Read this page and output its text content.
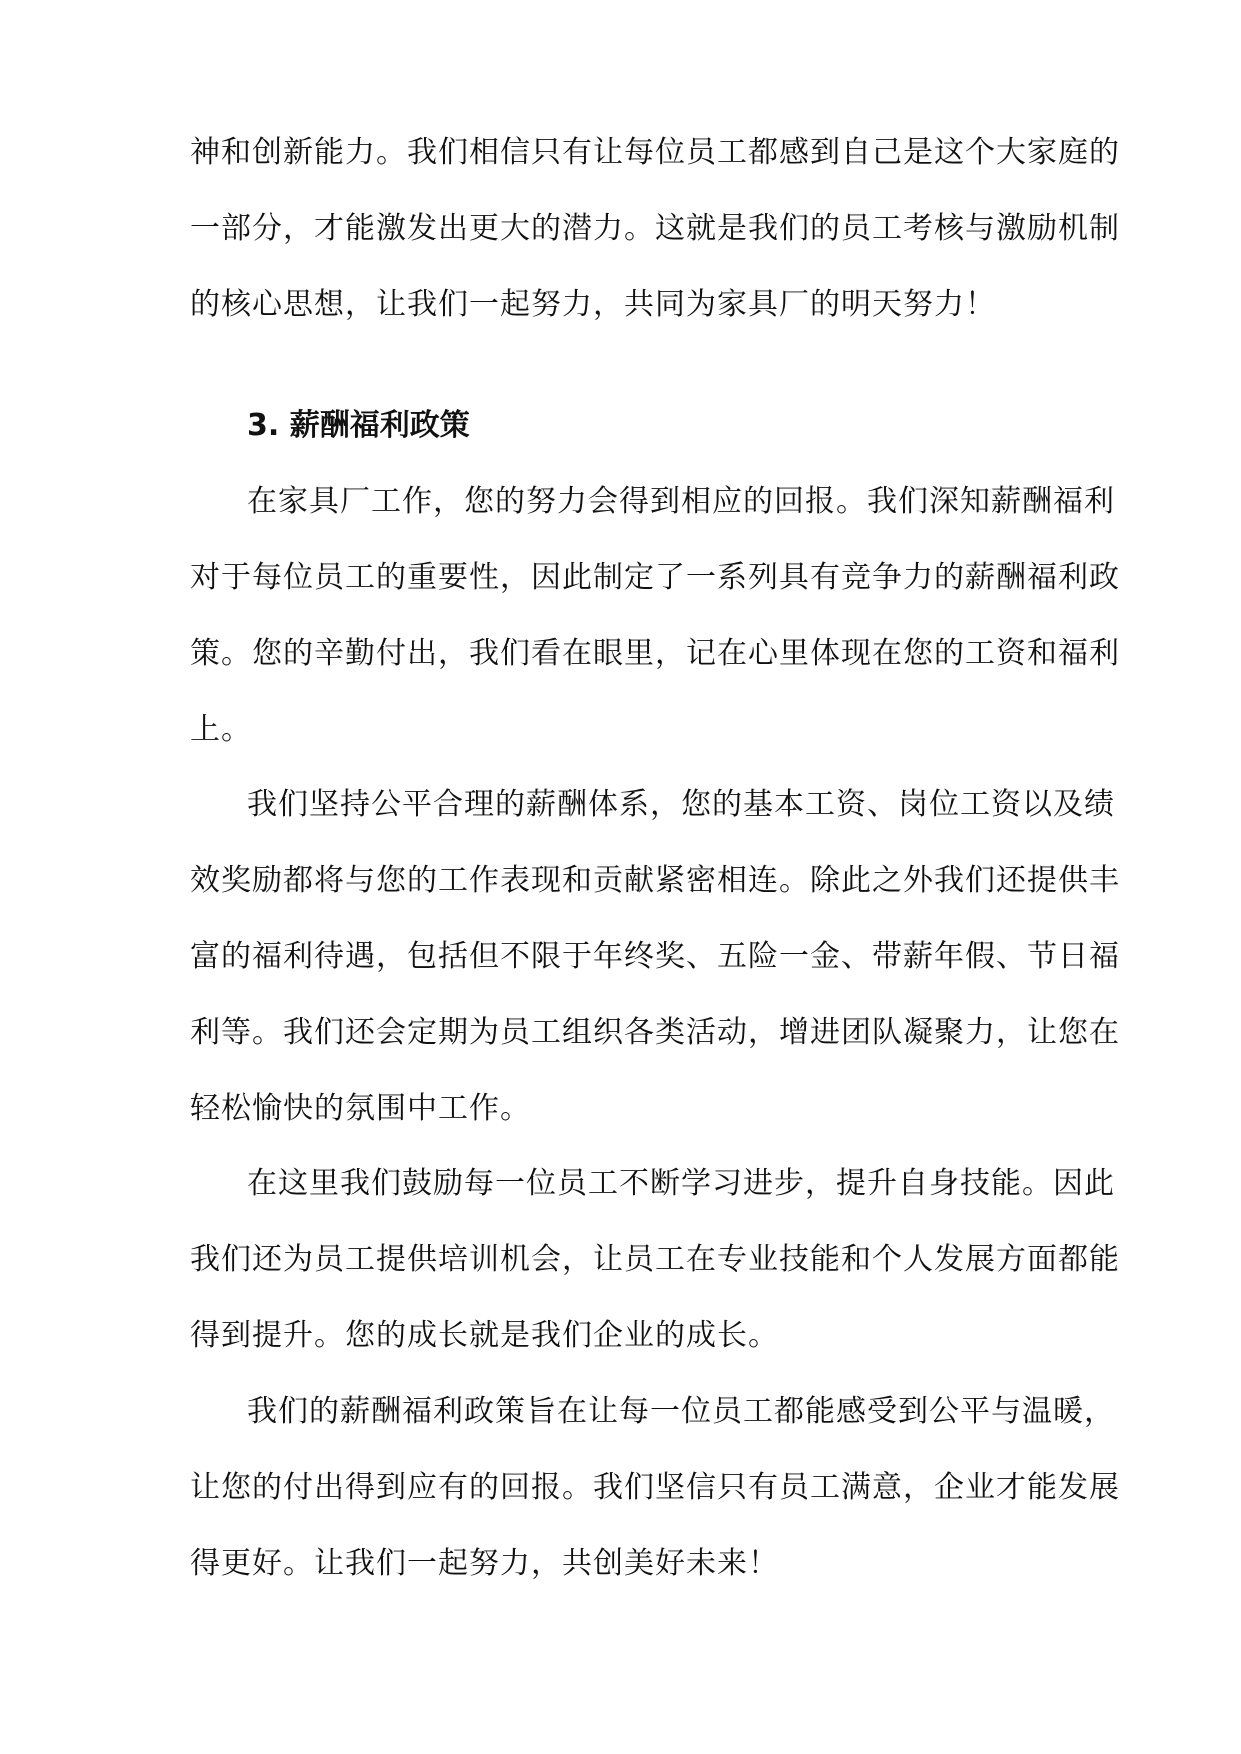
神和创新能力。我们相信只有让每位员工都感到自己是这个大家庭的
一部分，才能激发出更大的潜力。这就是我们的员工考核与激励机制
的核心思想，让我们一起努力，共同为家具厂的明天努力！
3. 薪酬福利政策
在家具厂工作，您的努力会得到相应的回报。我们深知薪酬福利
对于每位员工的重要性，因此制定了一系列具有竞争力的薪酬福利政
策。您的辛勤付出，我们看在眼里，记在心里体现在您的工资和福利
上。
我们坚持公平合理的薪酬体系，您的基本工资、岗位工资以及绩
效奖励都将与您的工作表现和贡献紧密相连。除此之外我们还提供丰
富的福利待遇，包括但不限于年终奖、五险一金、带薪年假、节日福
利等。我们还会定期为员工组织各类活动，增进团队凝聚力，让您在
轻松愉快的氛围中工作。
在这里我们鼓励每一位员工不断学习进步，提升自身技能。因此
我们还为员工提供培训机会，让员工在专业技能和个人发展方面都能
得到提升。您的成长就是我们企业的成长。
我们的薪酬福利政策旨在让每一位员工都能感受到公平与温暖，
让您的付出得到应有的回报。我们坚信只有员工满意，企业才能发展
得更好。让我们一起努力，共创美好未来！
